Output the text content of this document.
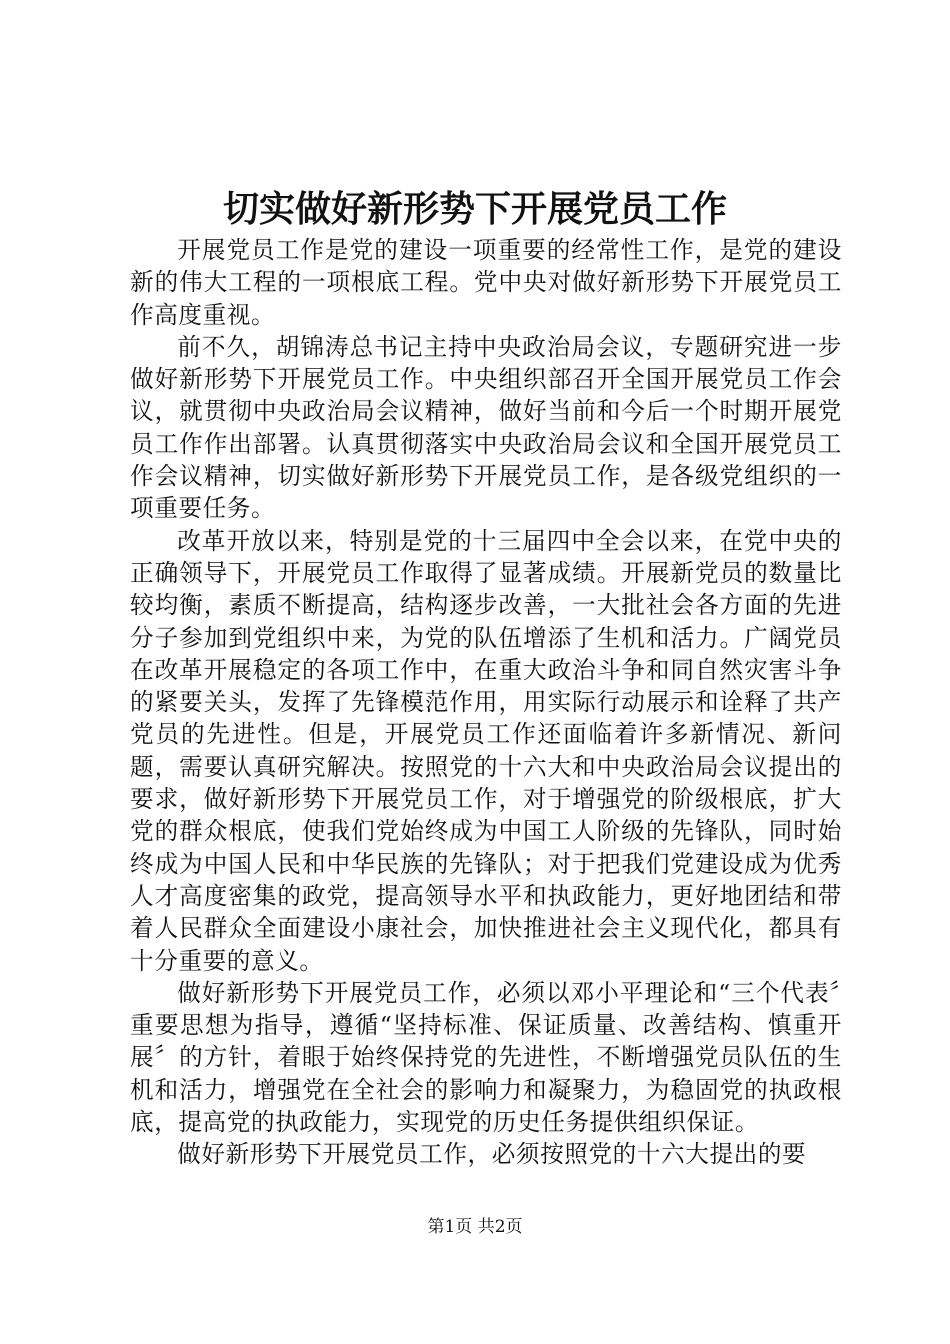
切实做好新形势下开展党员工作

开展党员工作是党的建设一项重要的经常性工作，是党的建设新的伟大工程的一项根底工程。党中央对做好新形势下开展党员工作高度重视。

前不久，胡锦涛总书记主持中央政治局会议，专题研究进一步做好新形势下开展党员工作。中央组织部召开全国开展党员工作会议，就贯彻中央政治局会议精神，做好当前和今后一个时期开展党员工作作出部署。认真贯彻落实中央政治局会议和全国开展党员工作会议精神，切实做好新形势下开展党员工作，是各级党组织的一项重要任务。

改革开放以来，特别是党的十三届四中全会以来，在党中央的正确领导下，开展党员工作取得了显著成绩。开展新党员的数量比较均衡，素质不断提高，结构逐步改善，一大批社会各方面的先进分子参加到党组织中来，为党的队伍增添了生机和活力。广阔党员在改革开展稳定的各项工作中，在重大政治斗争和同自然灾害斗争的紧要关头，发挥了先锋模范作用，用实际行动展示和诠释了共产党员的先进性。但是，开展党员工作还面临着许多新情况、新问题，需要认真研究解决。按照党的十六大和中央政治局会议提出的要求，做好新形势下开展党员工作，对于增强党的阶级根底，扩大党的群众根底，使我们党始终成为中国工人阶级的先锋队，同时始终成为中国人民和中华民族的先锋队；对于把我们党建设成为优秀人才高度密集的政党，提高领导水平和执政能力，更好地团结和带着人民群众全面建设小康社会，加快推进社会主义现代化，都具有十分重要的意义。

做好新形势下开展党员工作，必须以邓小平理论和“三个代表〞重要思想为指导，遵循“坚持标准、保证质量、改善结构、慎重开展〞的方针，着眼于始终保持党的先进性，不断增强党员队伍的生机和活力，增强党在全社会的影响力和凝聚力，为稳固党的执政根底，提高党的执政能力，实现党的历史任务提供组织保证。

做好新形势下开展党员工作，必须按照党的十六大提出的要

第1页 共2页
